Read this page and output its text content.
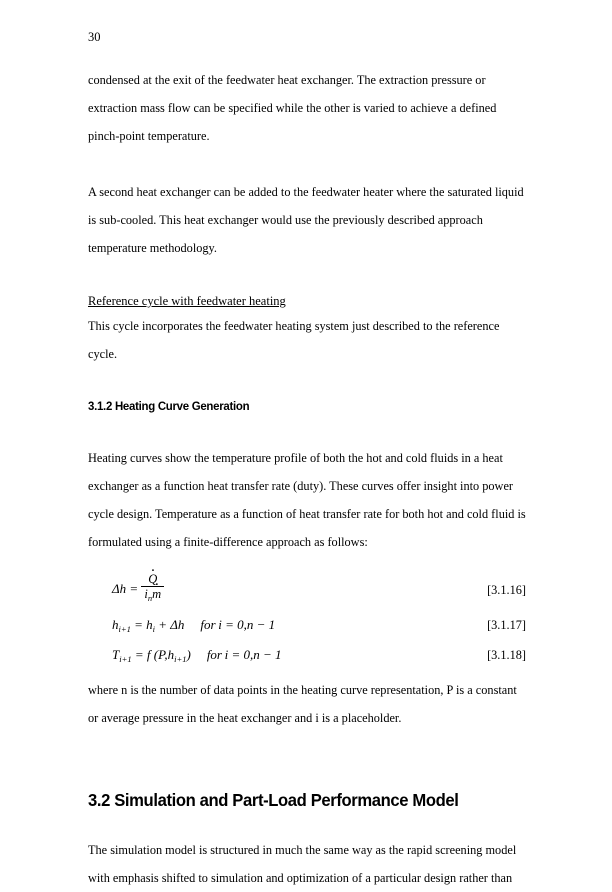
30

condensed at the exit of the feedwater heat exchanger. The extraction pressure or extraction mass flow can be specified while the other is varied to achieve a defined pinch-point temperature.

A second heat exchanger can be added to the feedwater heater where the saturated liquid is sub-cooled. This heat exchanger would use the previously described approach temperature methodology.

Reference cycle with feedwater heating

This cycle incorporates the feedwater heating system just described to the reference cycle.

3.1.2 Heating Curve Generation

Heating curves show the temperature profile of both the hot and cold fluids in a heat exchanger as a function heat transfer rate (duty). These curves offer insight into power cycle design. Temperature as a function of heat transfer rate for both hot and cold fluid is formulated using a finite-difference approach as follows:

$\Delta h = \frac{Q \cdot}{i_nm}$ ·	[3.1.16]
$h_{i+1} = h_i + \Delta h$ for i = 0,n − 1	[3.1.17]
$T_{i+1} = f$ $(P,h_{i+1})$ for i = 0,n − 1	[3.1.18]

where n is the number of data points in the heating curve representation, P is a constant or average pressure in the heat exchanger and i is a placeholder.

3.2 Simulation and Part-Load Performance Model

The simulation model is structured in much the same way as the rapid screening model with emphasis shifted to simulation and optimization of a particular design rather than
